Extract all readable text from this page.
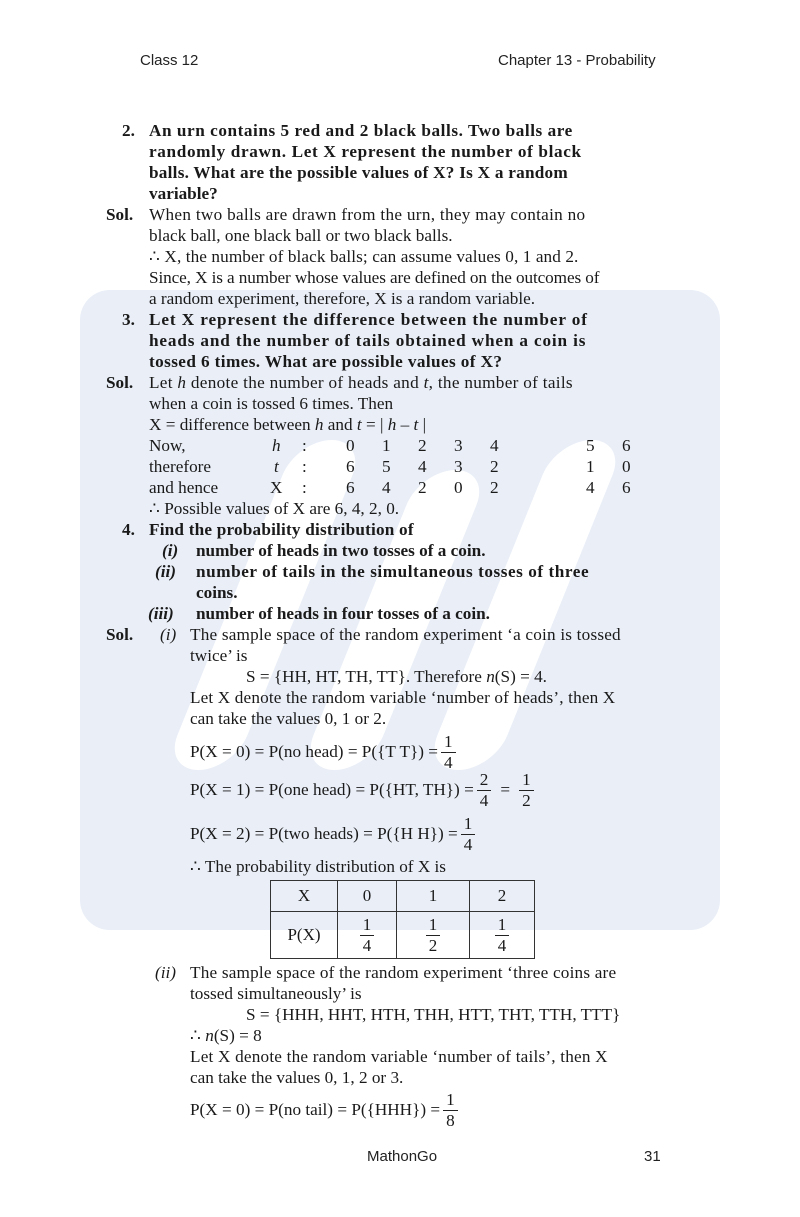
Class 12	Chapter 13 - Probability
2. An urn contains 5 red and 2 black balls. Two balls are
randomly drawn. Let X represent the number of black
balls. What are the possible values of X? Is X a random
variable?
Sol. When two balls are drawn from the urn, they may contain no
black ball, one black ball or two black balls.
∴ X, the number of black balls; can assume values 0, 1 and 2.
Since, X is a number whose values are defined on the outcomes of
a random experiment, therefore, X is a random variable.
3. Let X represent the difference between the number of
heads and the number of tails obtained when a coin is
tossed 6 times. What are possible values of X?
Sol. Let h denote the number of heads and t, the number of tails
when a coin is tossed 6 times. Then
X = difference between h and t = | h – t |
Now,	h : 0 1 2 3 4	5 6
therefore	t : 6 5 4 3 2	1 0
and hence	X : 6 4 2 0 2	4 6
∴ Possible values of X are 6, 4, 2, 0.
4. Find the probability distribution of
(i) number of heads in two tosses of a coin.
(ii) number of tails in the simultaneous tosses of three
coins.
(iii) number of heads in four tosses of a coin.
Sol. (i) The sample space of the random experiment ‘a coin is tossed
twice’ is
S = {HH, HT, TH, TT}. Therefore n(S) = 4.
Let X denote the random variable ‘number of heads’, then X
can take the values 0, 1 or 2.
P(X = 0) = P(no head) = P({T $T\}) = \frac{1}{4}$
P(X = 1) = P(one head) = P({HT, $TH\}) = \frac{2}{4} = \frac{1}{2}$
P(X = 2) = P(two heads) = P({H $H\}) = \frac{1}{4}$
∴ The probability distribution of X is
X	0	1	2
P(X)	$\frac{1}{4}$	$\frac{1}{2}$	$\frac{1}{4}$
(ii) The sample space of the random experiment ‘three coins are
tossed simultaneously’ is
S = {HHH, HHT, HTH, THH, HTT, THT, TTH, TTT}
∴ n(S) = 8
Let X denote the random variable ‘number of tails’, then X
can take the values 0, 1, 2 or 3.
P(X = 0) = P(no tail) = $P(\{HHH\}) = \frac{1}{8}$
MathonGo	31
